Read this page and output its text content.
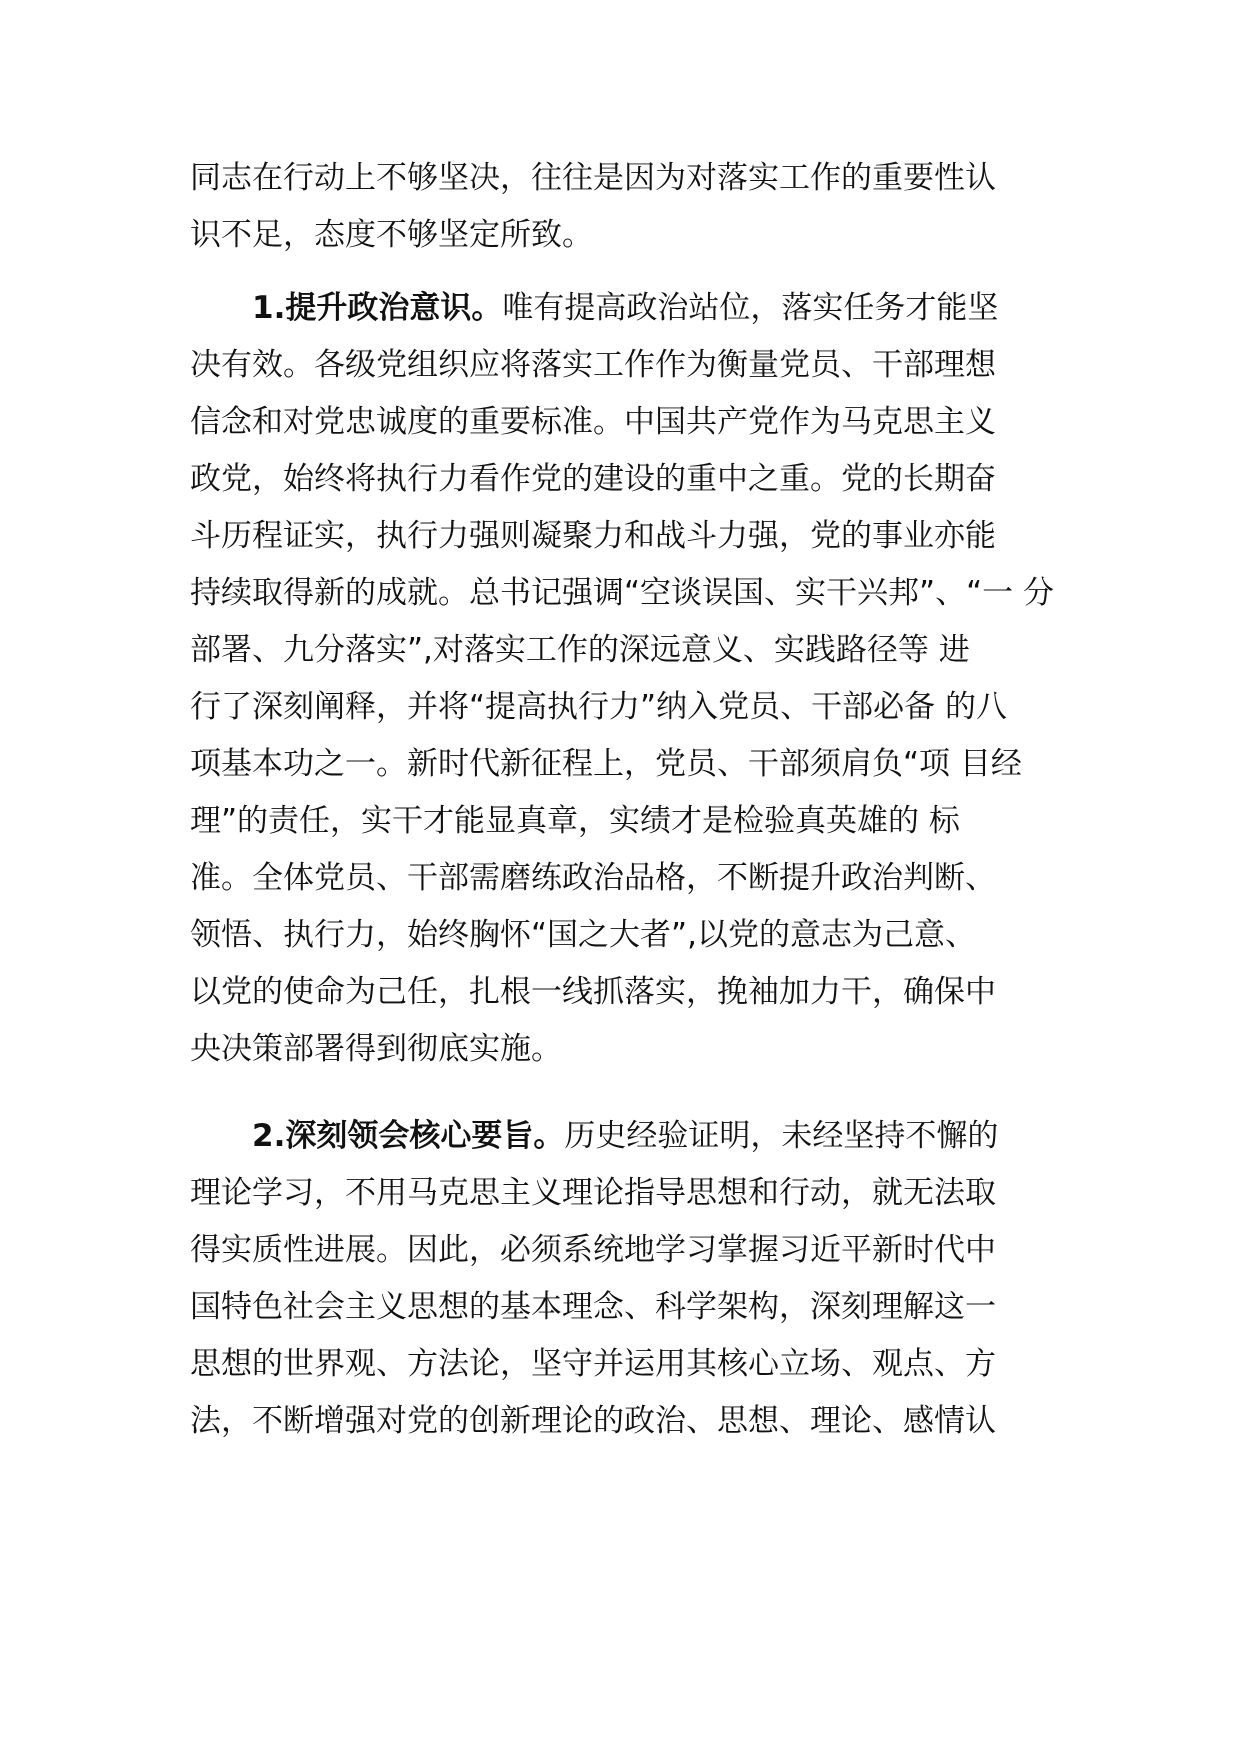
同志在行动上不够坚决，往往是因为对落实工作的重要性认
识不足，态度不够坚定所致。
1.提升政治意识。唯有提高政治站位，落实任务才能坚
决有效。各级党组织应将落实工作作为衡量党员、干部理想
信念和对党忠诚度的重要标准。中国共产党作为马克思主义
政党，始终将执行力看作党的建设的重中之重。党的长期奋
斗历程证实，执行力强则凝聚力和战斗力强，党的事业亦能
持续取得新的成就。总书记强调“空谈误国、实干兴邦”、“一 分
部署、九分落实”,对落实工作的深远意义、实践路径等 进
行了深刻阐释，并将“提高执行力”纳入党员、干部必备 的八
项基本功之一。新时代新征程上，党员、干部须肩负“项 目经
理”的责任，实干才能显真章，实绩才是检验真英雄的 标
准。全体党员、干部需磨练政治品格，不断提升政治判断、
领悟、执行力，始终胸怀“国之大者”,以党的意志为己意、
以党的使命为己任，扎根一线抓落实，挽袖加力干，确保中
央决策部署得到彻底实施。
2.深刻领会核心要旨。历史经验证明，未经坚持不懈的
理论学习，不用马克思主义理论指导思想和行动，就无法取
得实质性进展。因此，必须系统地学习掌握习近平新时代中
国特色社会主义思想的基本理念、科学架构，深刻理解这一
思想的世界观、方法论，坚守并运用其核心立场、观点、方
法，不断增强对党的创新理论的政治、思想、理论、感情认
